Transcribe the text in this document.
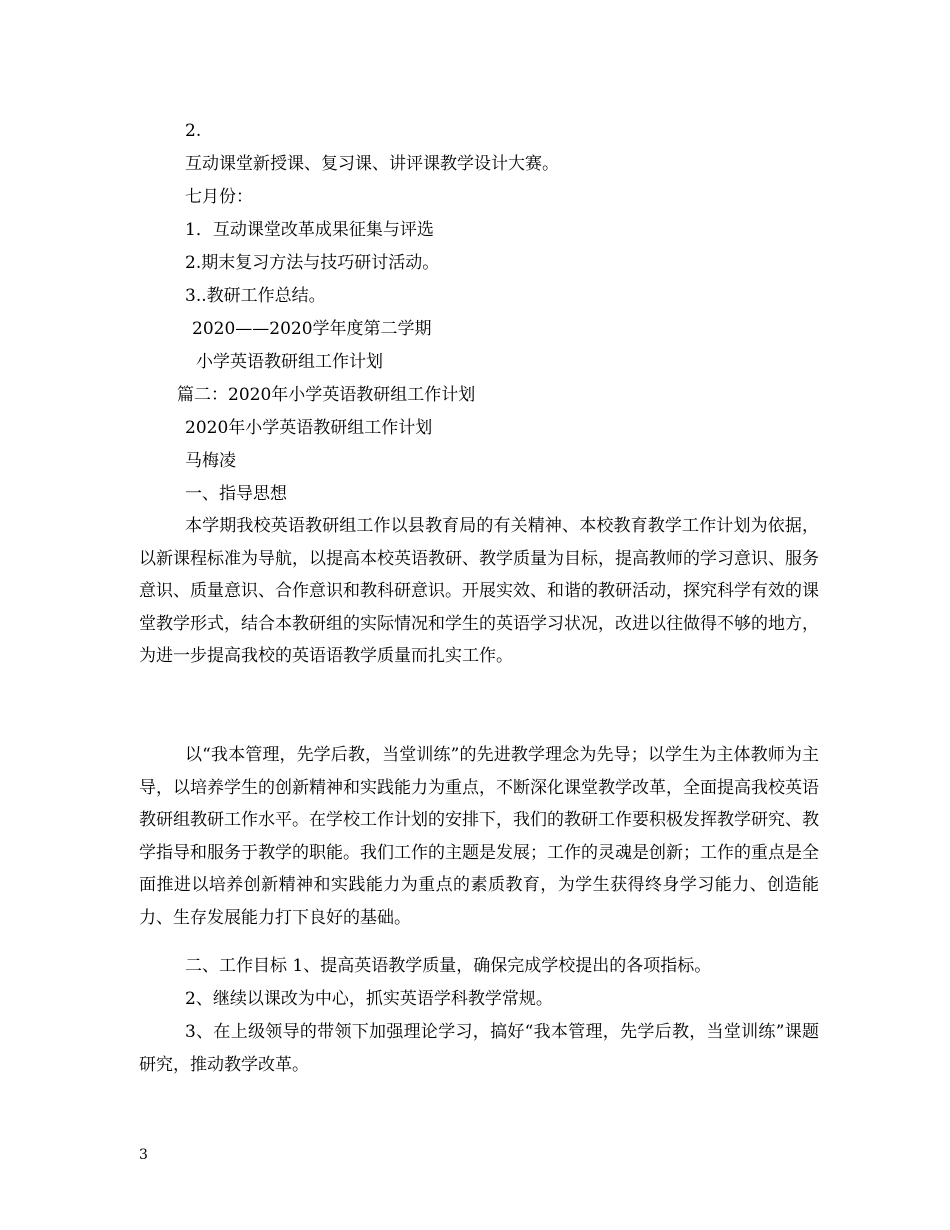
2.
互动课堂新授课、复习课、讲评课教学设计大赛。
七月份：
1．互动课堂改革成果征集与评选
2.期末复习方法与技巧研讨活动。
3..教研工作总结。
2020——2020学年度第二学期
小学英语教研组工作计划
篇二：2020年小学英语教研组工作计划
2020年小学英语教研组工作计划
马梅凌
一、指导思想
本学期我校英语教研组工作以县教育局的有关精神、本校教育教学工作计划为依据，以新课程标准为导航，以提高本校英语教研、教学质量为目标，提高教师的学习意识、服务意识、质量意识、合作意识和教科研意识。开展实效、和谐的教研活动，探究科学有效的课堂教学形式，结合本教研组的实际情况和学生的英语学习状况，改进以往做得不够的地方，为进一步提高我校的英语语教学质量而扎实工作。
以“我本管理，先学后教，当堂训练”的先进教学理念为先导；以学生为主体教师为主导，以培养学生的创新精神和实践能力为重点，不断深化课堂教学改革，全面提高我校英语教研组教研工作水平。在学校工作计划的安排下，我们的教研工作要积极发挥教学研究、教学指导和服务于教学的职能。我们工作的主题是发展；工作的灵魂是创新；工作的重点是全面推进以培养创新精神和实践能力为重点的素质教育，为学生获得终身学习能力、创造能力、生存发展能力打下良好的基础。
二、工作目标 1、提高英语教学质量，确保完成学校提出的各项指标。
2、继续以课改为中心，抓实英语学科教学常规。
3、在上级领导的带领下加强理论学习，搞好“我本管理，先学后教，当堂训练”课题研究，推动教学改革。
3
